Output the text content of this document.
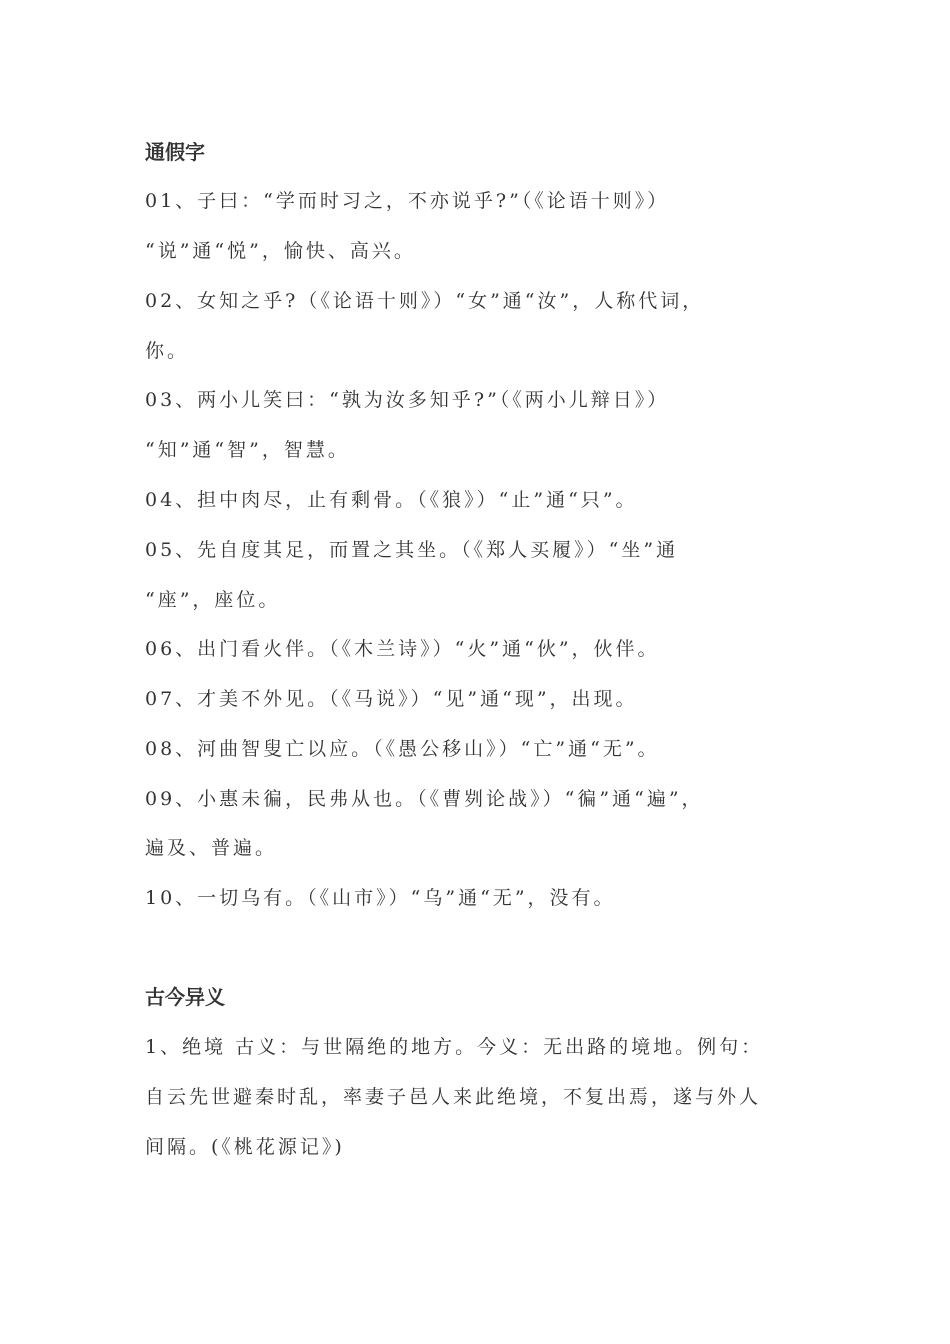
通假字
01、子曰：“学而时习之，不亦说乎?”（《论语十则》）
“说”通“悦”，愉快、高兴。
02、女知之乎?（《论语十则》）“女”通“汝”，人称代词，
你。
03、两小儿笑曰：“孰为汝多知乎?”（《两小儿辩日》）
“知”通“智”，智慧。
04、担中肉尽，止有剩骨。（《狼》）“止”通“只”。
05、先自度其足，而置之其坐。（《郑人买履》）“坐”通
“座”，座位。
06、出门看火伴。（《木兰诗》）“火”通“伙”，伙伴。
07、才美不外见。（《马说》）“见”通“现”，出现。
08、河曲智叟亡以应。（《愚公移山》）“亡”通“无”。
09、小惠未徧，民弗从也。（《曹刿论战》）“徧”通“遍”，
遍及、普遍。
10、一切乌有。（《山市》）“乌”通“无”，没有。
古今异义
1、绝境 古义：与世隔绝的地方。今义：无出路的境地。例句：
自云先世避秦时乱，率妻子邑人来此绝境，不复出焉，遂与外人
间隔。(《桃花源记》)
